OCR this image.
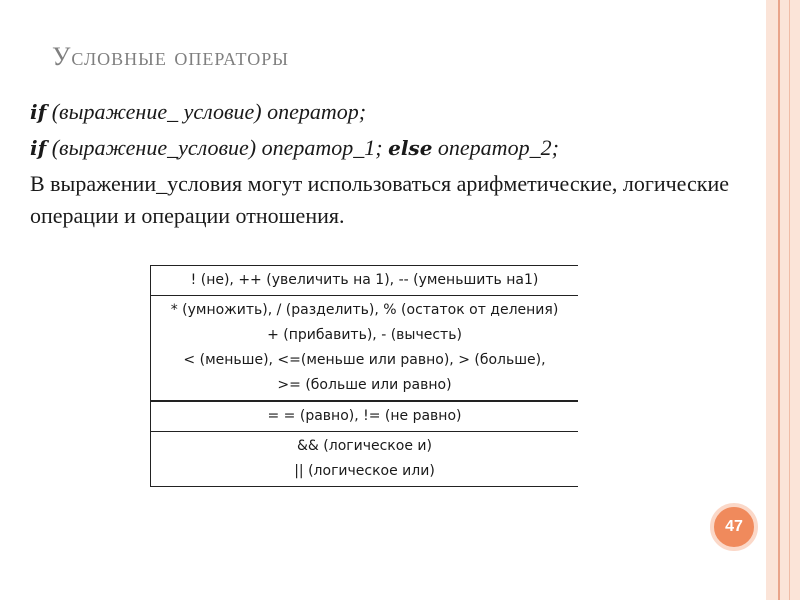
Условные операторы
if (выражение_ условие) оператор;
if (выражение_условие) оператор_1; else оператор_2;
В выражении_условия могут использоваться арифметические, логические операции и операции отношения.
! (не), ++ (увеличить на 1), -- (уменьшить на1)

* (умножить), / (разделить), % (остаток от деления)
+ (прибавить), - (вычесть)
< (меньше), <=(меньше или равно), > (больше),
>= (больше или равно)

= = (равно), != (не равно)

&& (логическое и)
|| (логическое или)
47
